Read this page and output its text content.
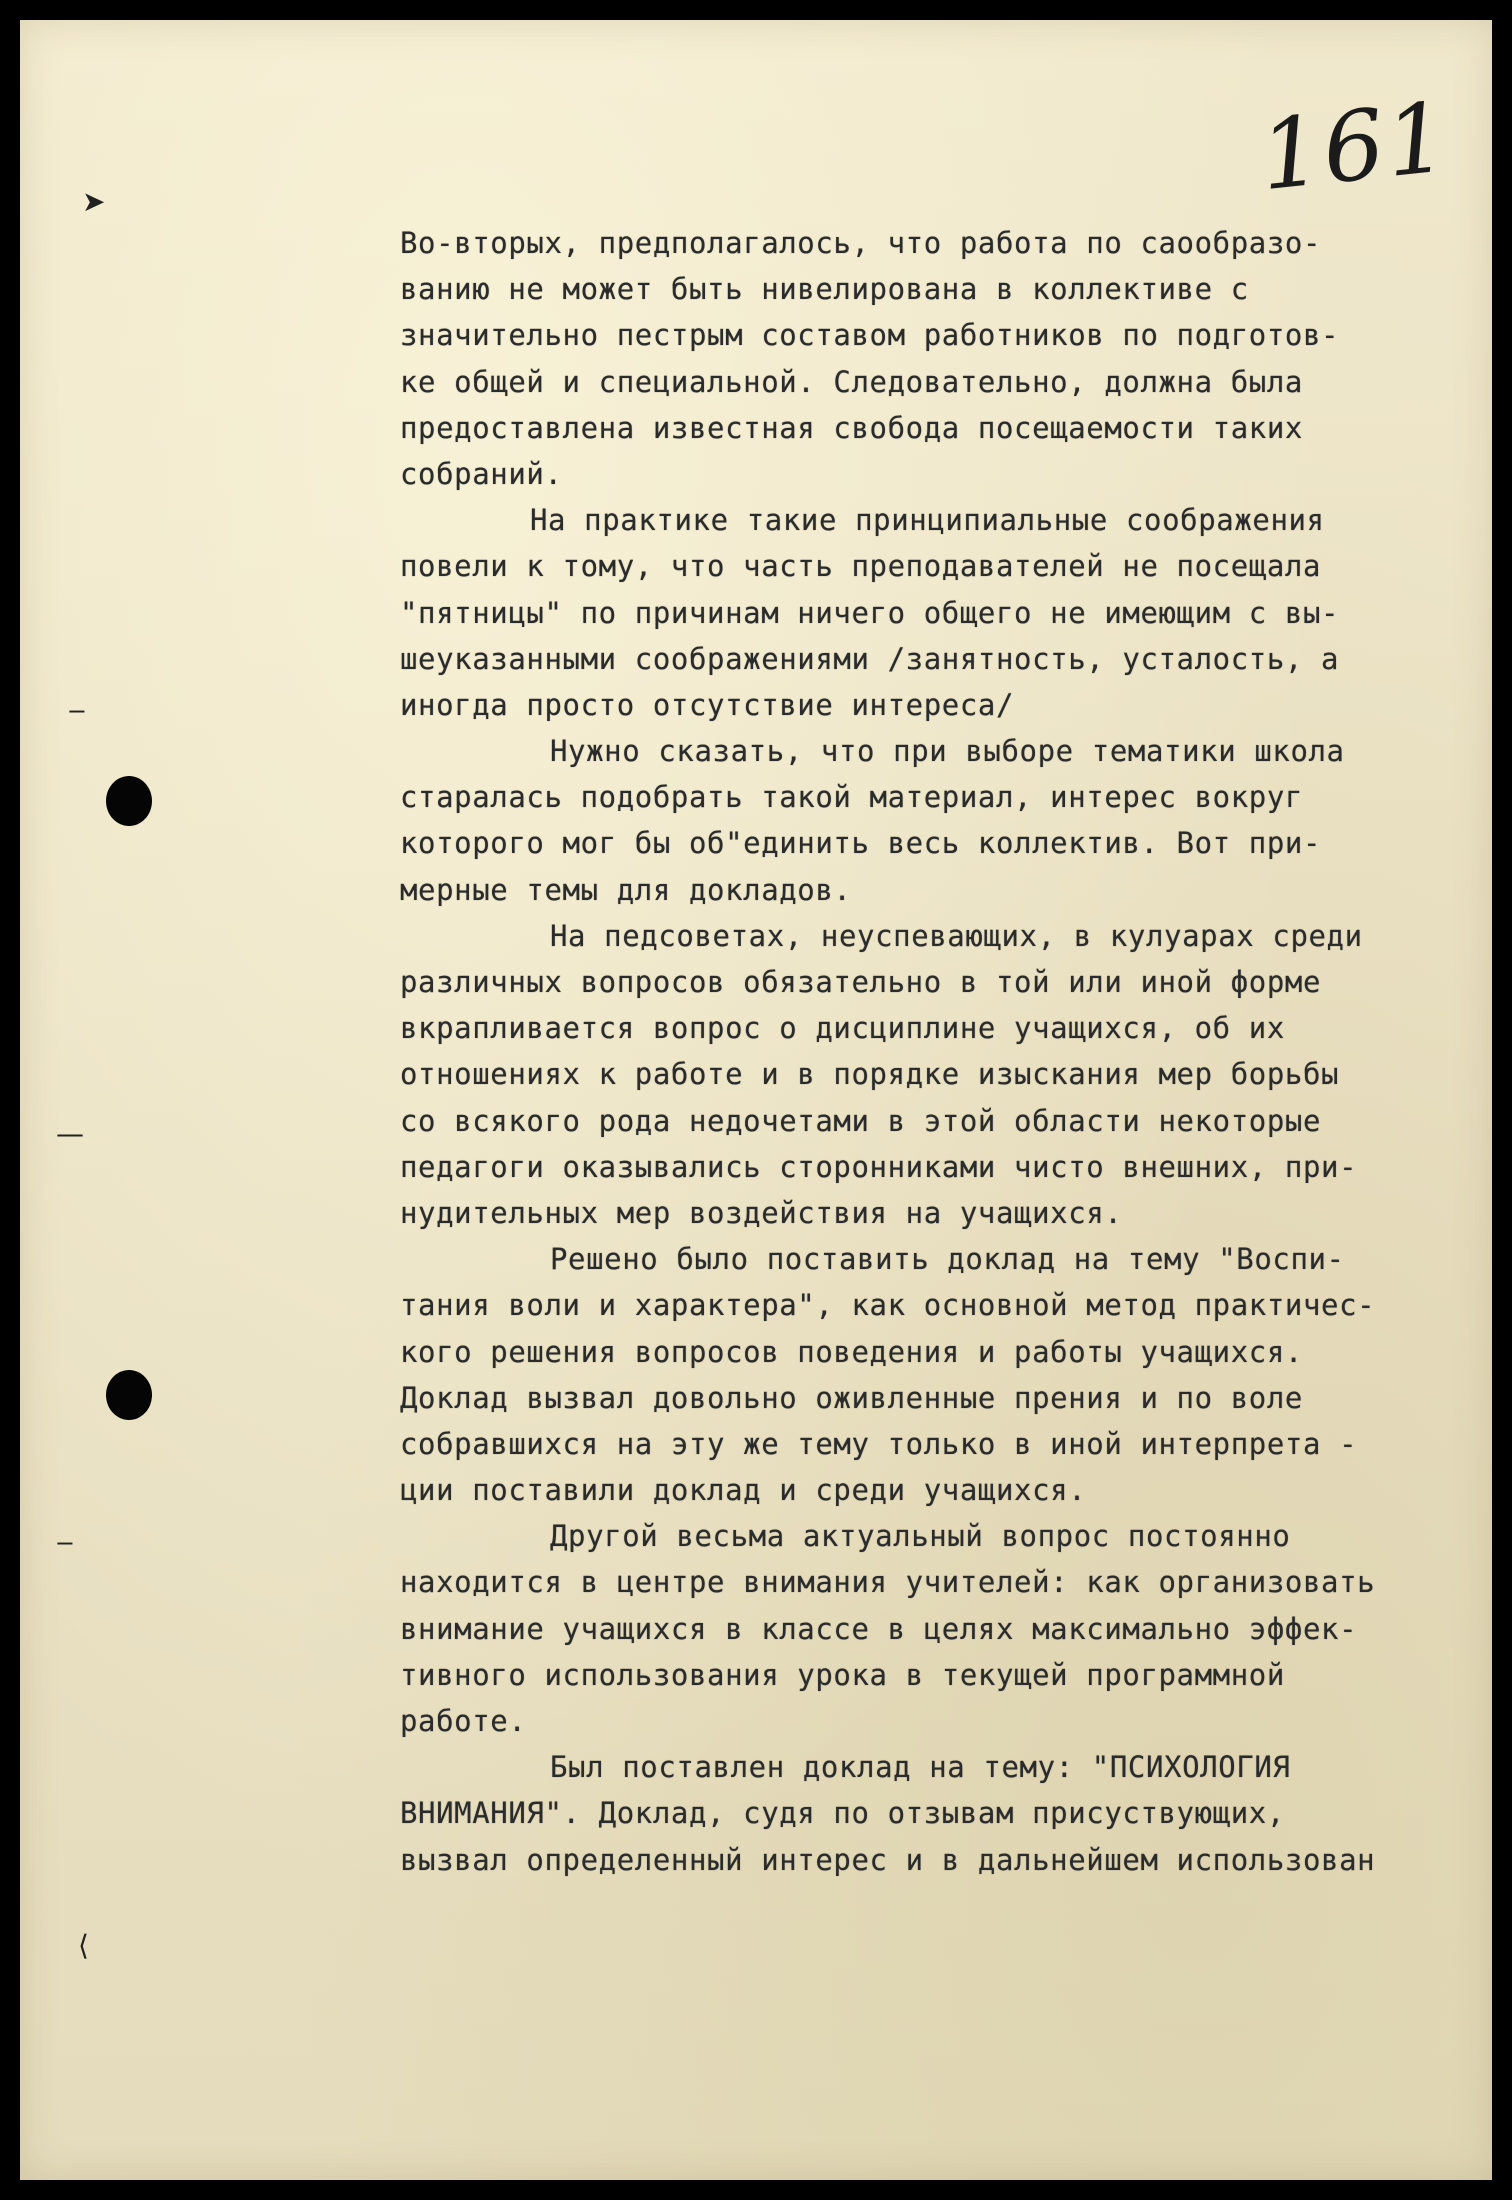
161
➤
‒
—
‒
⟨
Во-вторых, предполагалось, что работа по саообразо-
ванию не может быть нивелирована в коллективе с
значительно пестрым составом работников по подготов-
ке общей и специальной. Следовательно, должна была
предоставлена известная свобода посещаемости таких
собраний.
На практике такие принципиальные соображения
повели к тому, что часть преподавателей не посещала
"пятницы" по причинам ничего общего не имеющим с вы-
шеуказанными соображениями /занятность, усталость, а
иногда просто отсутствие интереса/
Нужно сказать, что при выборе тематики школа
старалась подобрать такой материал, интерес вокруг
которого мог бы об"единить весь коллектив. Вот при-
мерные темы для докладов.
На педсоветах, неуспевающих, в кулуарах среди
различных вопросов обязательно в той или иной форме
вкрапливается вопрос о дисциплине учащихся, об их
отношениях к работе и в порядке изыскания мер борьбы
со всякого рода недочетами в этой области некоторые
педагоги оказывались сторонниками чисто внешних, при-
нудительных мер воздействия на учащихся.
Решено было поставить доклад на тему "Воспи-
тания воли и характера", как основной метод практичес-
кого решения вопросов поведения и работы учащихся.
Доклад вызвал довольно оживленные прения и по воле
собравшихся на эту же тему только в иной интерпрета -
ции поставили доклад и среди учащихся.
Другой весьма актуальный вопрос постоянно
находится в центре внимания учителей: как организовать
внимание учащихся в классе в целях максимально эффек-
тивного использования урока в текущей программной
работе.
Был поставлен доклад на тему: "ПСИХОЛОГИЯ
ВНИМАНИЯ". Доклад, судя по отзывам присуствующих,
вызвал определенный интерес и в дальнейшем использован
